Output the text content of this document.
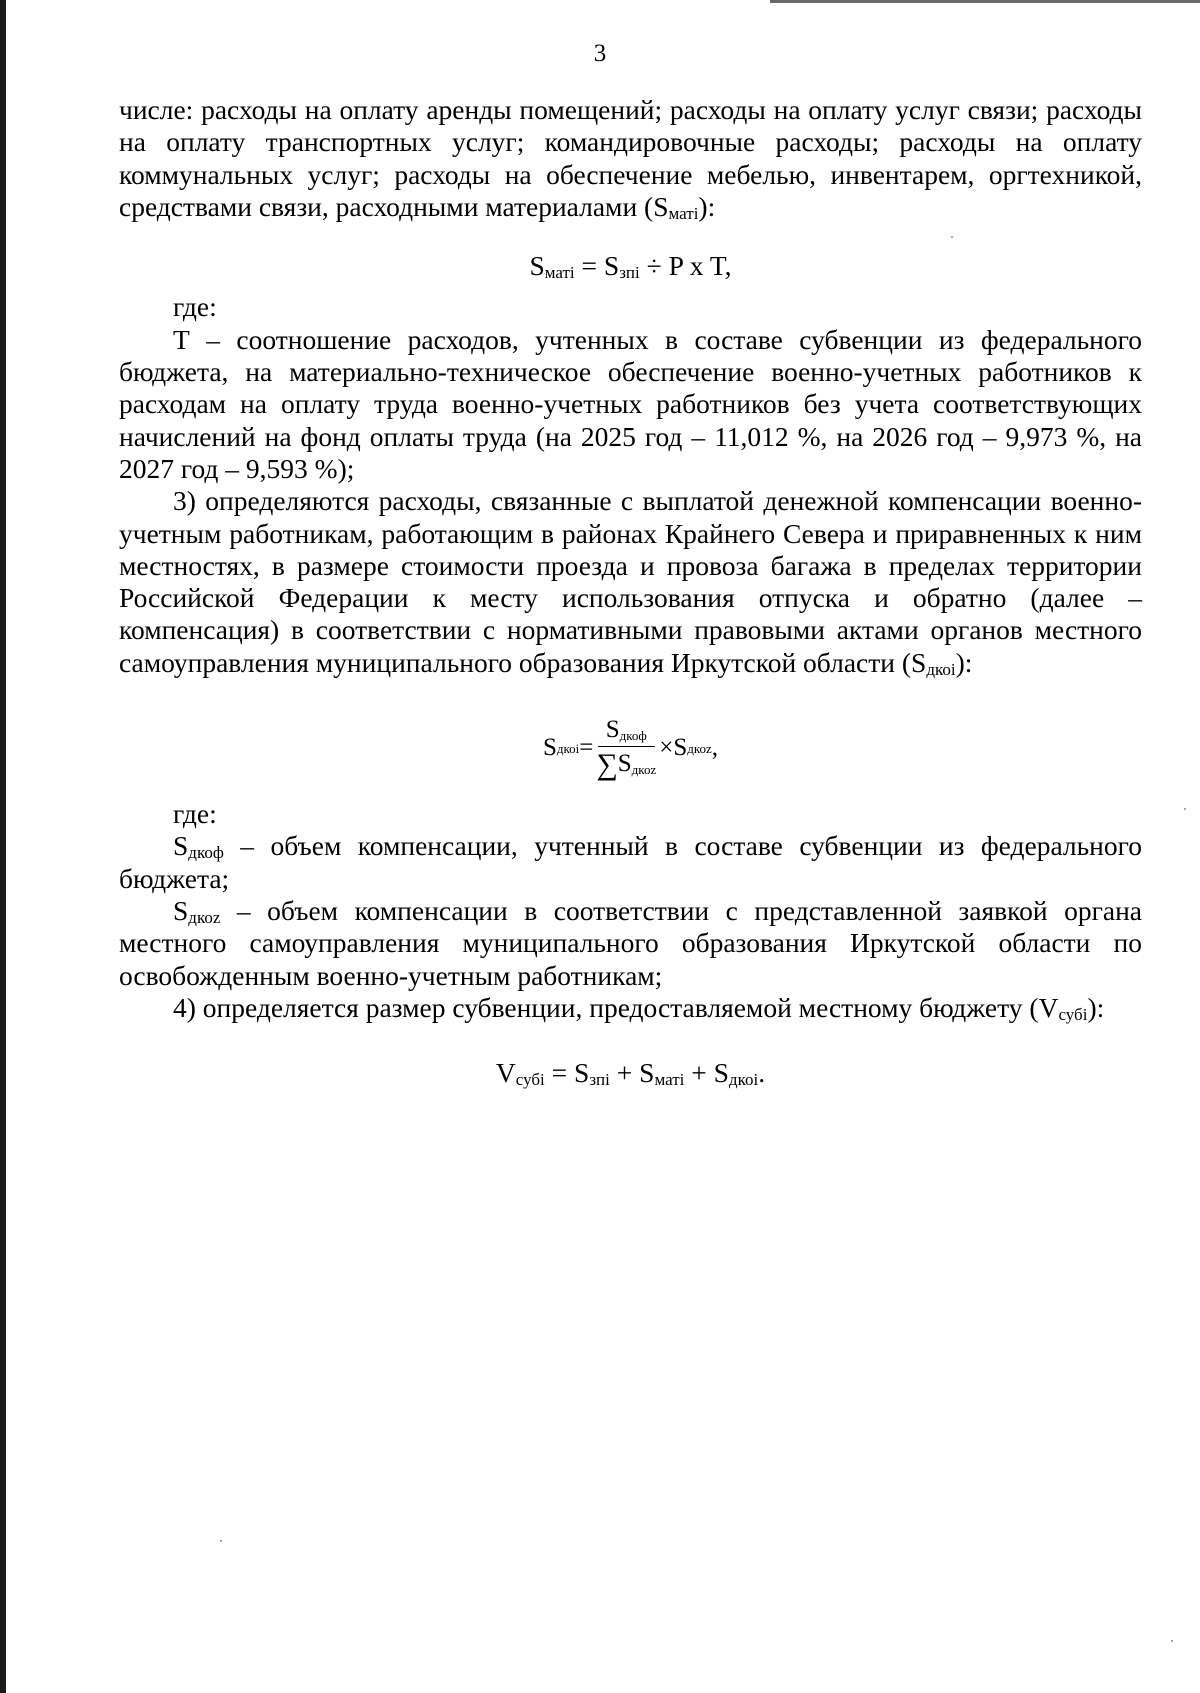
3

числе: расходы на оплату аренды помещений; расходы на оплату услуг связи; расходы на оплату транспортных услуг; командировочные расходы; расходы на оплату коммунальных услуг; расходы на обеспечение мебелью, инвентарем, оргтехникой, средствами связи, расходными материалами $(S_{маті})$:

$S_{маті} = S_{зпі} \div P$ x T,

где:

Т – соотношение расходов, учтенных в составе субвенции из федерального бюджета, на материально-техническое обеспечение военно-учетных работников к расходам на оплату труда военно-учетных работников без учета соответствующих начислений на фонд оплаты труда (на 2025 год – 11,012 %, на 2026 год – 9,973 %, на 2027 год – 9,593 %);

3) определяются расходы, связанные с выплатой денежной компенсации военно-учетным работникам, работающим в районах Крайнего Севера и приравненных к ним местностях, в размере стоимости проезда и провоза багажа в пределах территории Российской Федерации к месту использования отпуска и обратно (далее – компенсация) в соответствии с нормативными правовыми актами органов местного самоуправления муниципального образования Иркутской области $(S_{дкоі})$:

S дкоі = $\frac{S_{дкоф}}{\sum S_{дкоz}} \times S$ дкоz ,

где:

$S_{дкоф}$ – объем компенсации, учтенный в составе субвенции из федерального бюджета;

$S_{дкоz}$ – объем компенсации в соответствии с представленной заявкой органа местного самоуправления муниципального образования Иркутской области по освобожденным военно-учетным работникам;

4) определяется размер субвенции, предоставляемой местному бюджету $(V_{субі})$:

$V_{субі} = S_{зпі} + S_{маті} + S_{дкоі}$.
